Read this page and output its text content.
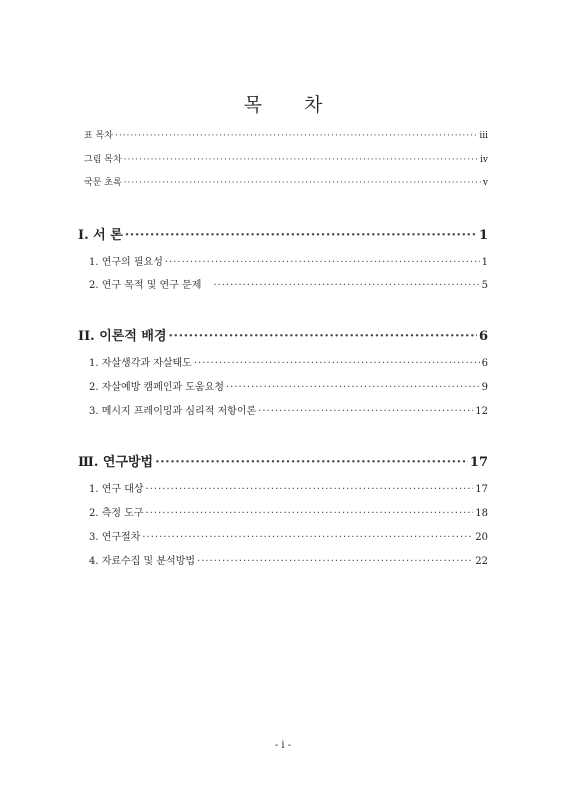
목 차
표 목차 ·····	iii
그림 목차 ·····	ⅳ
국문 초록 ·····	ⅴ
I. 서 론 ·····	1
1. 연구의 필요성 ·····	1
2. 연구 목적 및 연구 문제 ·····	5
II. 이론적 배경 ·····	6
1. 자살생각과 자살태도 ·····	6
2. 자살예방 캠페인과 도움요청 ·····	9
3. 메시지 프레이밍과 심리적 저항이론 ·····	12
Ⅲ. 연구방법 ·····	17
1. 연구 대상 ·····	17
2. 측정 도구 ·····	18
3. 연구절차 ·····	20
4. 자료수집 및 분석방법 ·····	22
- i -
